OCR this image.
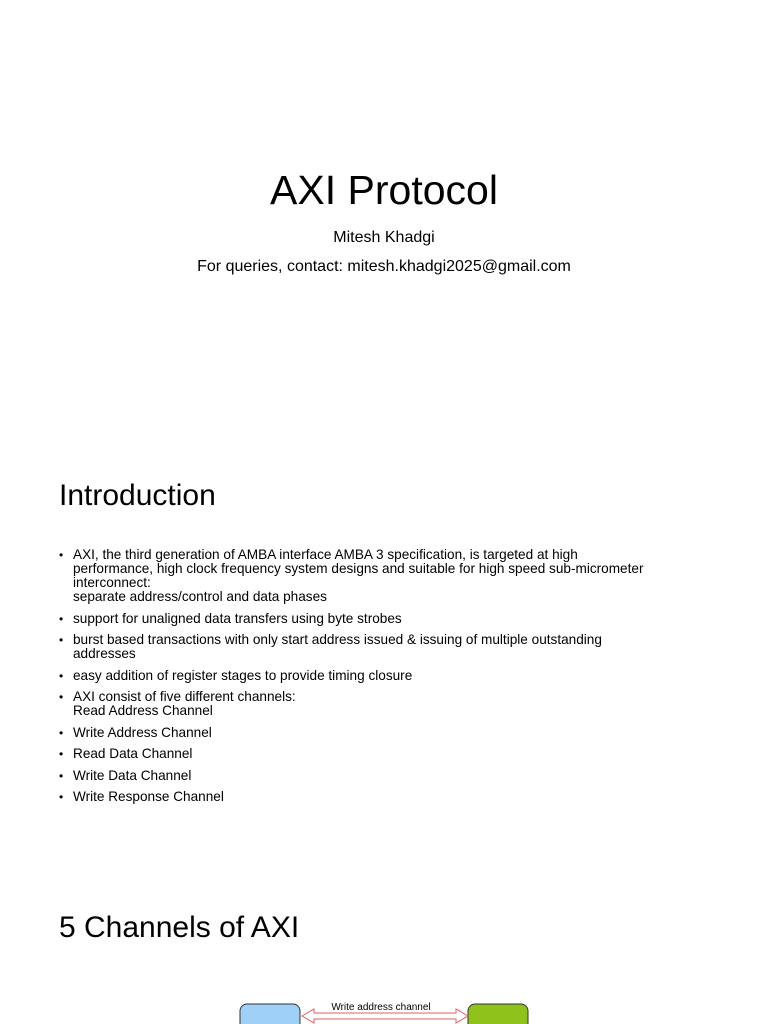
AXI Protocol
Mitesh Khadgi
For queries, contact: mitesh.khadgi2025@gmail.com
Introduction
• AXI, the third generation of AMBA interface AMBA 3 specification, is targeted at high
performance, high clock frequency system designs and suitable for high speed sub-micrometer
interconnect:
separate address/control and data phases
• support for unaligned data transfers using byte strobes
• burst based transactions with only start address issued & issuing of multiple outstanding
addresses
• easy addition of register stages to provide timing closure
• AXI consist of five different channels:
Read Address Channel
• Write Address Channel
• Read Data Channel
• Write Data Channel
• Write Response Channel
5 Channels of AXI
Write address channel
